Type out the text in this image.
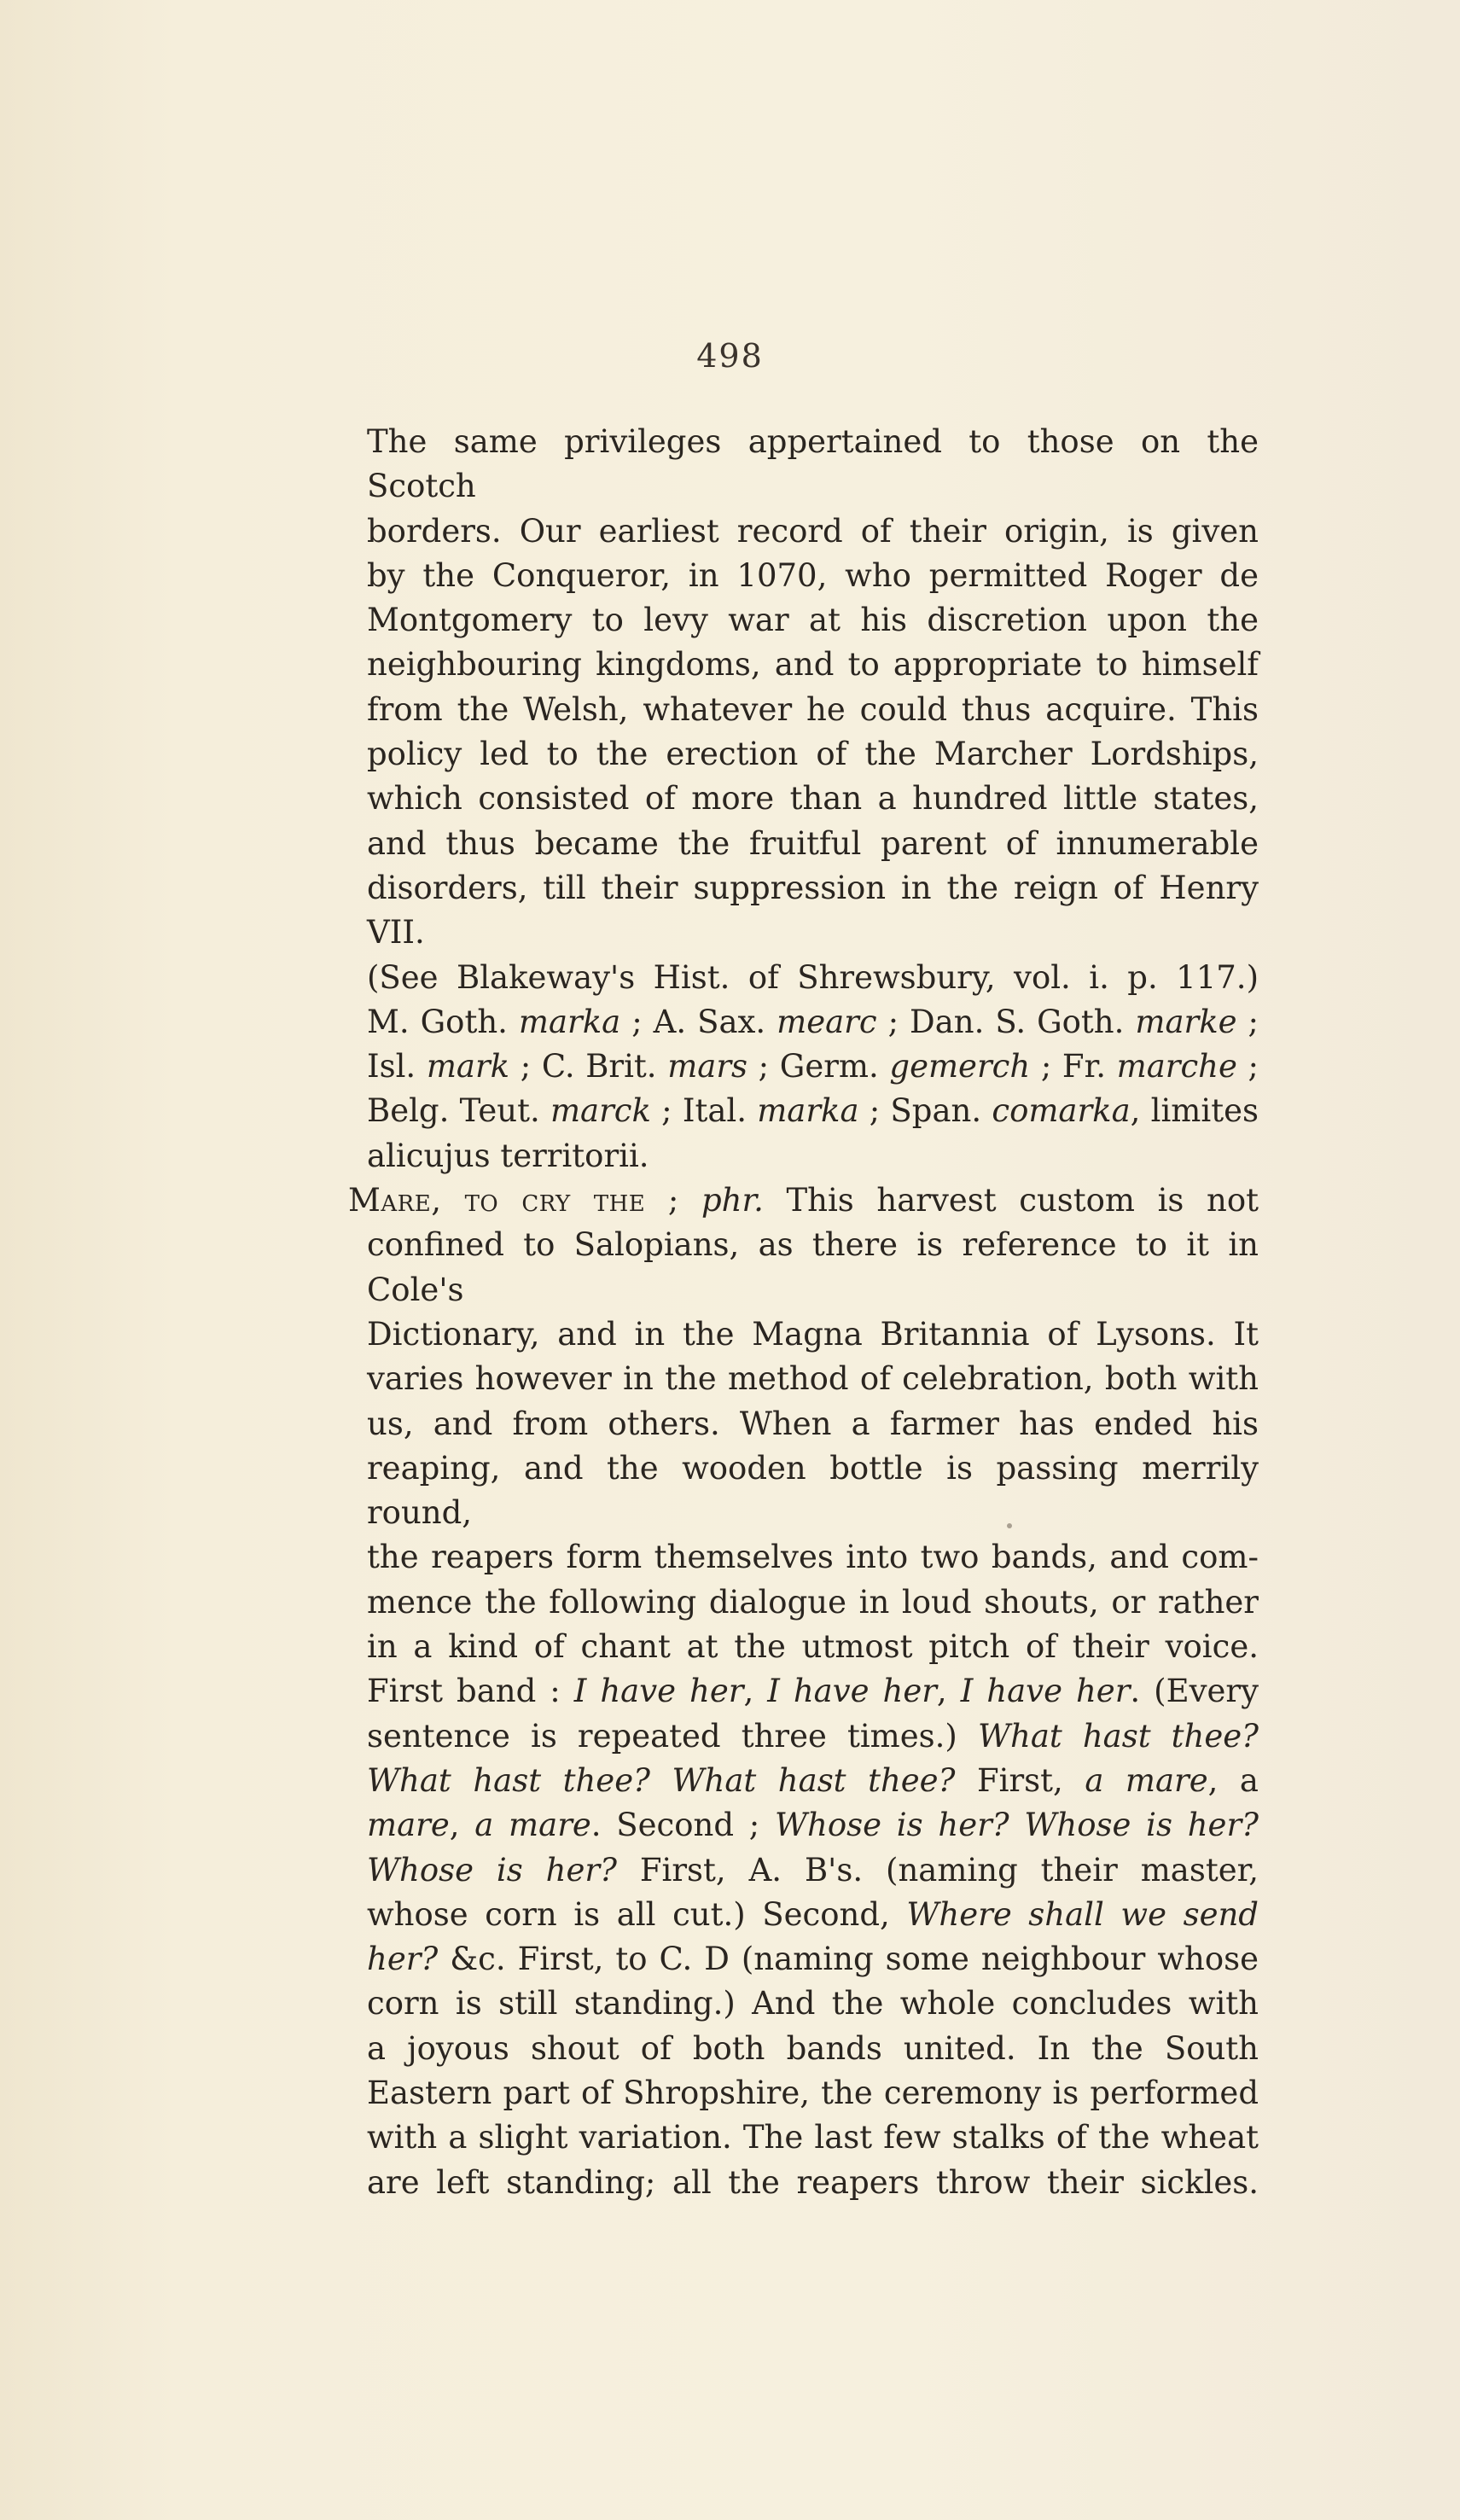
498
The same privileges appertained to those on the Scotch
borders. Our earliest record of their origin, is given
by the Conqueror, in 1070, who permitted Roger de
Montgomery to levy war at his discretion upon the
neighbouring kingdoms, and to appropriate to himself
from the Welsh, whatever he could thus acquire. This
policy led to the erection of the Marcher Lordships,
which consisted of more than a hundred little states,
and thus became the fruitful parent of innumerable
disorders, till their suppression in the reign of Henry VII.
(See Blakeway's Hist. of Shrewsbury, vol. i. p. 117.)
M. Goth. marka ; A. Sax. mearc ; Dan. S. Goth. marke ;
Isl. mark ; C. Brit. mars ; Germ. gemerch ; Fr. marche ;
Belg. Teut. marck ; Ital. marka ; Span. comarka, limites
alicujus territorii.
Mare, to cry the ; phr. This harvest custom is not
confined to Salopians, as there is reference to it in Cole's
Dictionary, and in the Magna Britannia of Lysons. It
varies however in the method of celebration, both with
us, and from others. When a farmer has ended his
reaping, and the wooden bottle is passing merrily round,
the reapers form themselves into two bands, and com-
mence the following dialogue in loud shouts, or rather
in a kind of chant at the utmost pitch of their voice.
First band : I have her, I have her, I have her. (Every
sentence is repeated three times.) What hast thee?
What hast thee? What hast thee? First, a mare, a
mare, a mare. Second ; Whose is her? Whose is her?
Whose is her? First, A. B's. (naming their master,
whose corn is all cut.) Second, Where shall we send
her? &c. First, to C. D (naming some neighbour whose
corn is still standing.) And the whole concludes with
a joyous shout of both bands united. In the South
Eastern part of Shropshire, the ceremony is performed
with a slight variation. The last few stalks of the wheat
are left standing; all the reapers throw their sickles.
